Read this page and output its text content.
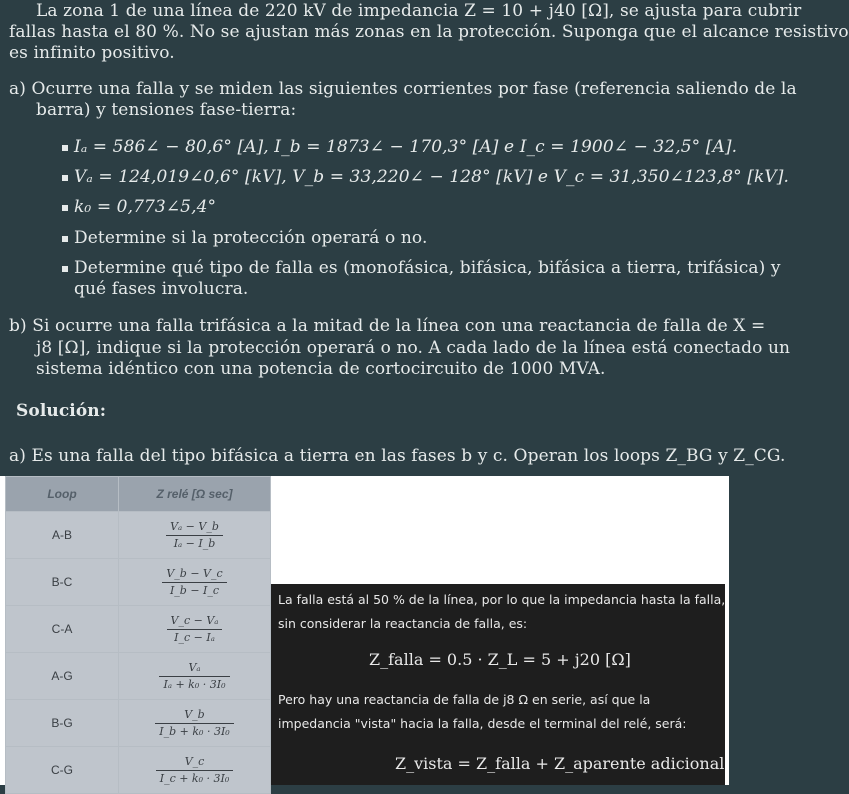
La zona 1 de una línea de 220 kV de impedancia Z = 10 + j40 [Ω], se ajusta para cubrir
fallas hasta el 80 %. No se ajustan más zonas en la protección. Suponga que el alcance resistivo
es infinito positivo.
a) Ocurre una falla y se miden las siguientes corrientes por fase (referencia saliendo de la
barra) y tensiones fase-tierra:
Iₐ = 586∠ − 80,6° [A], I_b = 1873∠ − 170,3° [A] e I_c = 1900∠ − 32,5° [A].
Vₐ = 124,019∠0,6° [kV], V_b = 33,220∠ − 128° [kV] e V_c = 31,350∠123,8° [kV].
k₀ = 0,773∠5,4°
Determine si la protección operará o no.
Determine qué tipo de falla es (monofásica, bifásica, bifásica a tierra, trifásica) y
qué fases involucra.
b) Si ocurre una falla trifásica a la mitad de la línea con una reactancia de falla de X =
j8 [Ω], indique si la protección operará o no. A cada lado de la línea está conectado un
sistema idéntico con una potencia de cortocircuito de 1000 MVA.
Solución:
a) Es una falla del tipo bifásica a tierra en las fases b y c. Operan los loops Z_BG y Z_CG.
Loop	Z relé [Ω sec]
A-B	$\frac{\text{Vₐ − V\_b}}{\text{Iₐ − I\_b}}$

B-C	$\frac{V\_b - V\_c}{I\_b - I\_c}$

C-A	$\frac{\text{V\_c − Vₐ}}{\text{I\_c − Iₐ}}$

A-G	$\frac{\text{Vₐ}}{\text{Iₐ + k₀ · 3I₀}}$

B-G	$\frac{V\_b}{\text{I\_b + k₀ · 3I₀}}$

C-G	$\frac{V\_c}{\text{I\_c + k₀ · 3I₀}}$
La falla está al 50 % de la línea, por lo que la impedancia hasta la falla,
sin considerar la reactancia de falla, es:
Z_falla = 0.5 · Z_L = 5 + j20 [Ω]
Pero hay una reactancia de falla de j8 Ω en serie, así que la
impedancia "vista" hacia la falla, desde el terminal del relé, será:
Z_vista = Z_falla + Z_aparente adicional
